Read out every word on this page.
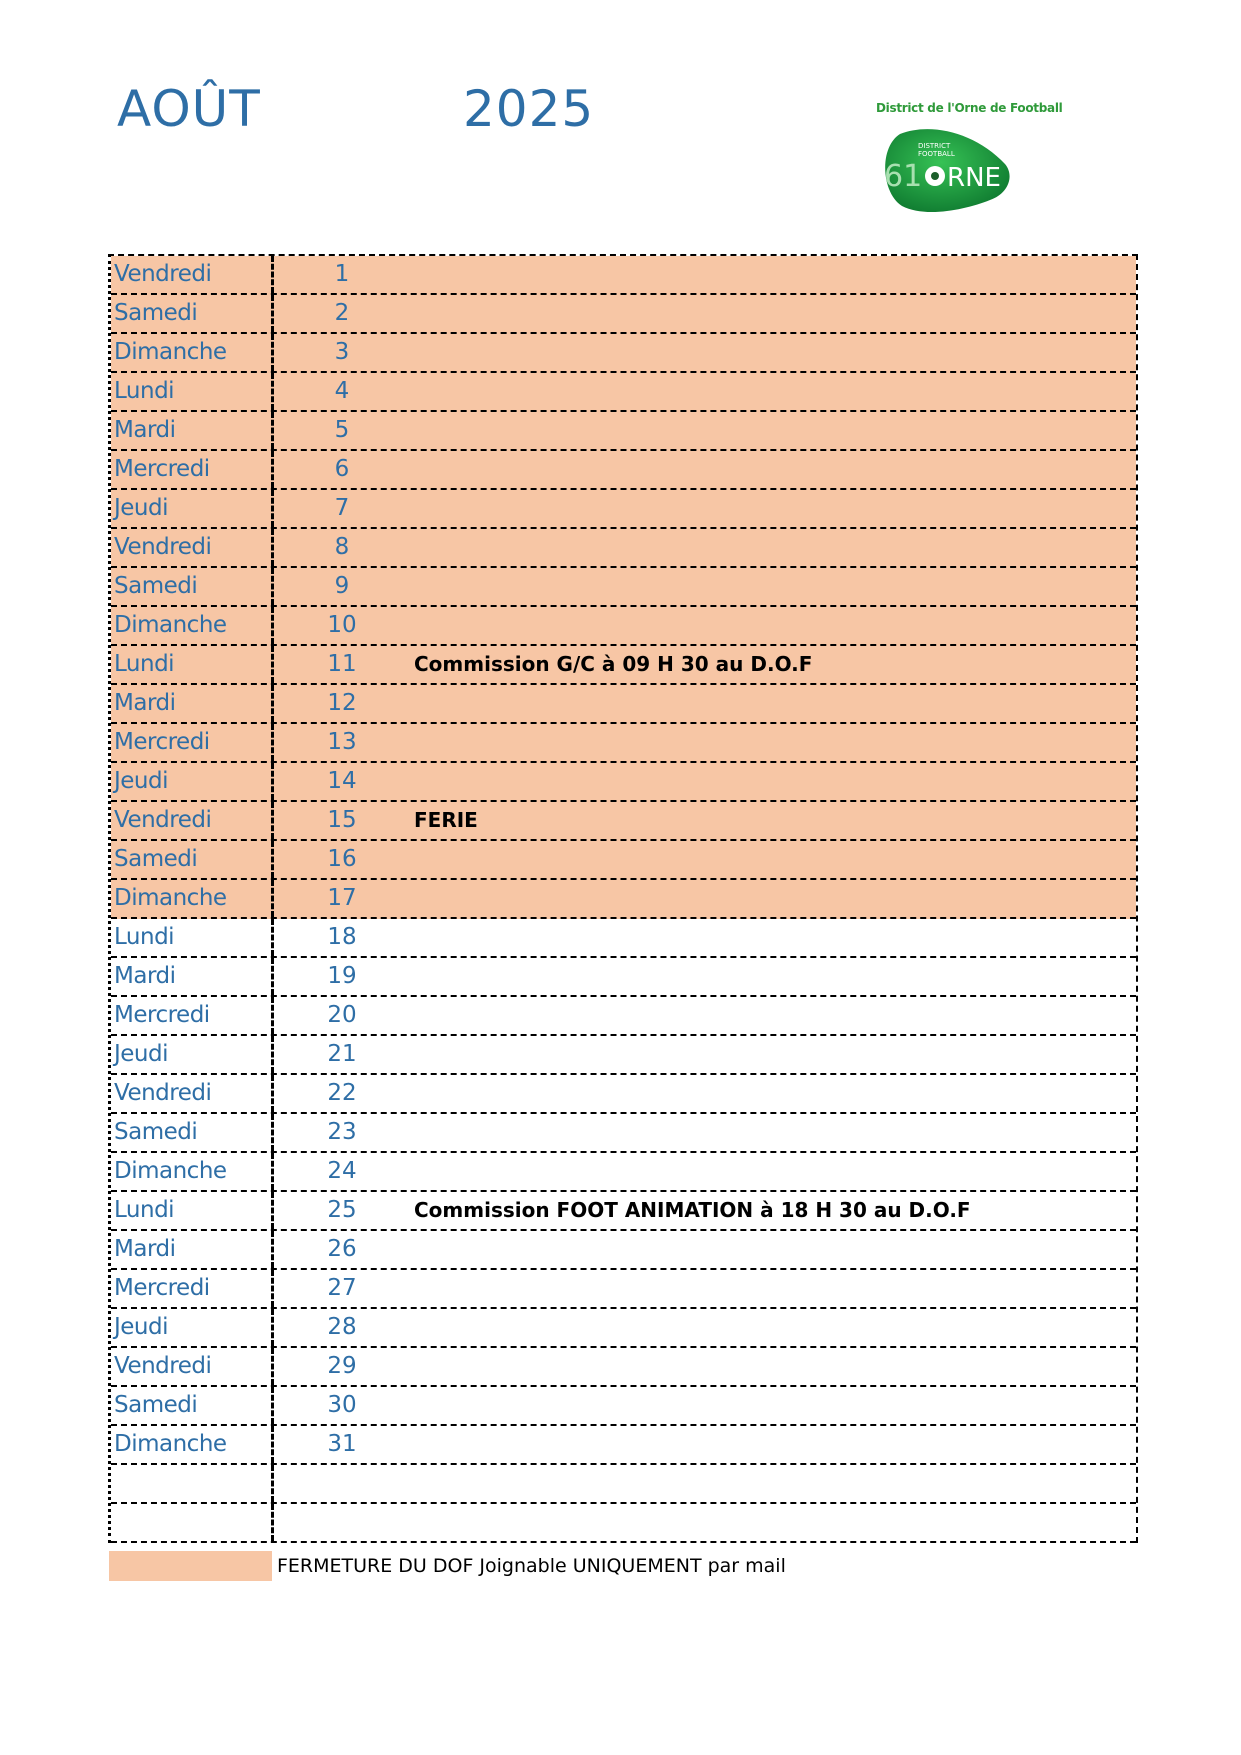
AOÛT	2025	District de l'Orne de Football
DISTRICT
FOOTBALL
61 RNE
Vendredi	1
Samedi	2
Dimanche	3
Lundi	4
Mardi	5
Mercredi	6
Jeudi	7
Vendredi	8
Samedi	9
Dimanche	10
Lundi	11	Commission G/C à 09 H 30 au D.O.F
Mardi	12
Mercredi	13
Jeudi	14
Vendredi	15	FERIE
Samedi	16
Dimanche	17
Lundi	18
Mardi	19
Mercredi	20
Jeudi	21
Vendredi	22
Samedi	23
Dimanche	24
Lundi	25	Commission FOOT ANIMATION à 18 H 30 au D.O.F
Mardi	26
Mercredi	27
Jeudi	28
Vendredi	29
Samedi	30
Dimanche	31
FERMETURE DU DOF Joignable UNIQUEMENT par mail
